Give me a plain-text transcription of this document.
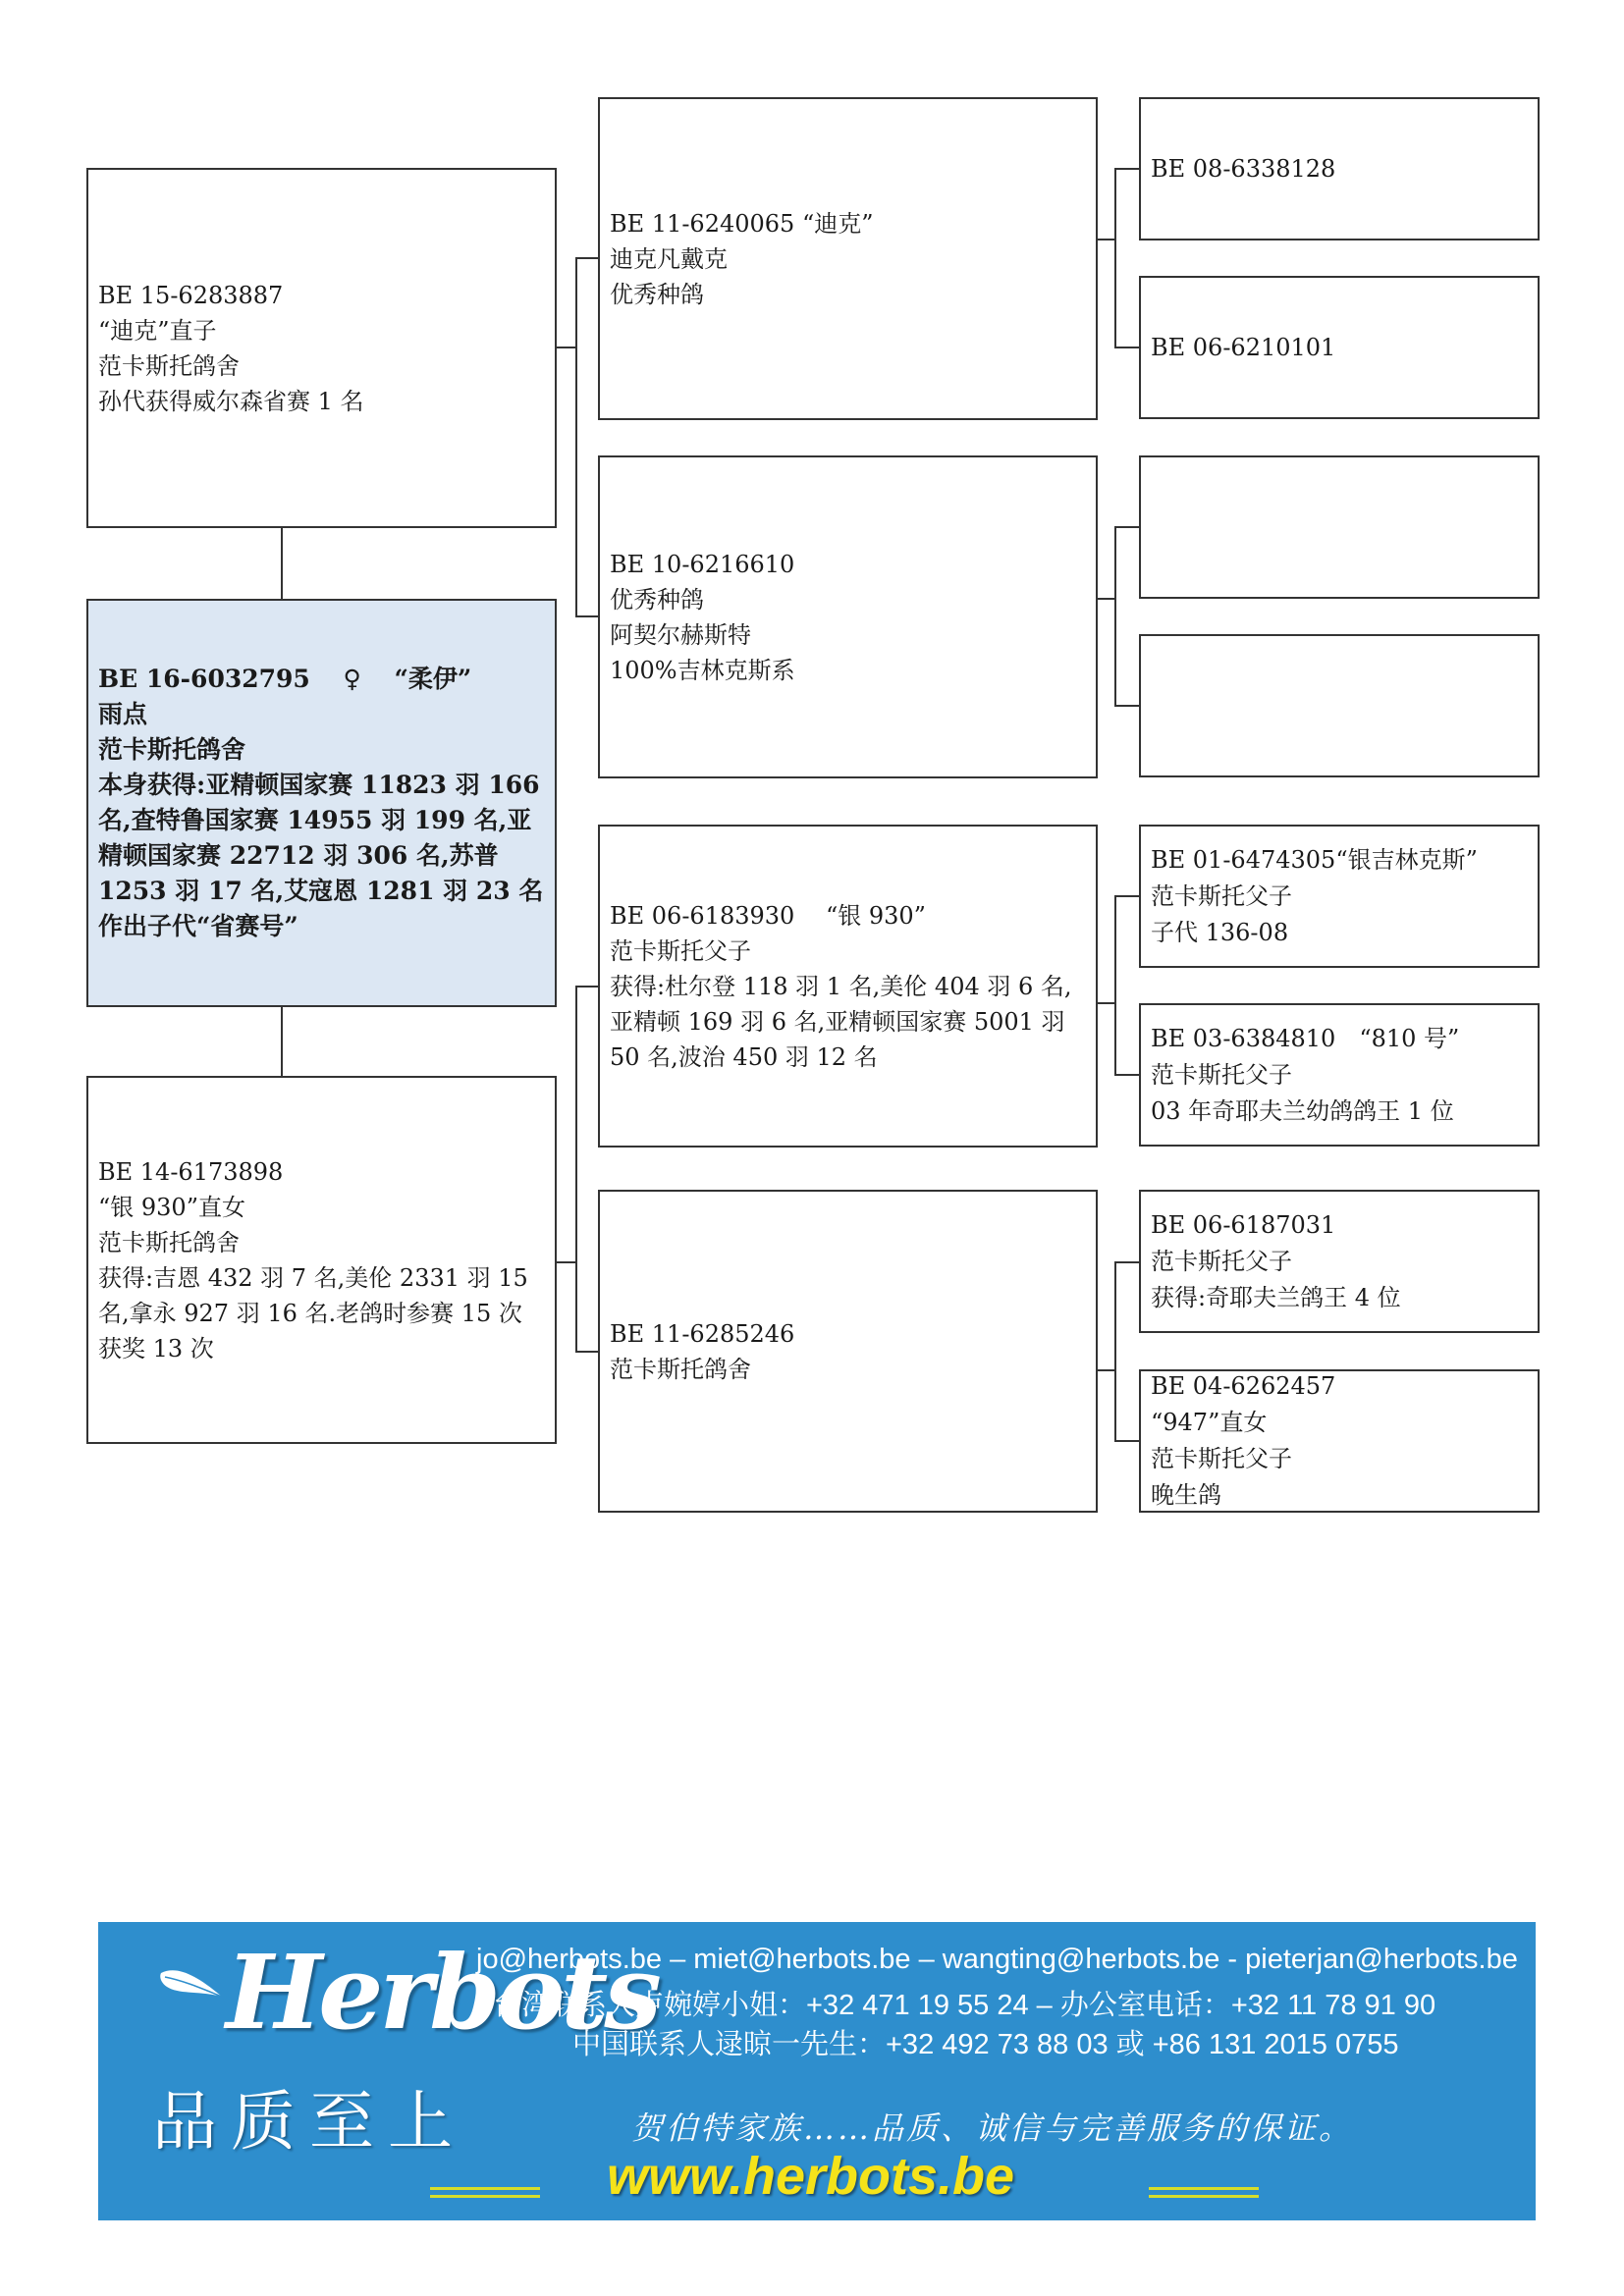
BE 15-6283887
“迪克”直子
范卡斯托鸽舍
孙代获得威尔森省赛 1 名
BE 16-6032795　 ♀ 　“柔伊”
雨点
范卡斯托鸽舍
本身获得:亚精顿国家赛 11823 羽 166 名,查特鲁国家赛 14955 羽 199 名,亚精顿国家赛 22712 羽 306 名,苏普 1253 羽 17 名,艾寇恩 1281 羽 23 名
作出子代“省赛号”
BE 14-6173898
“银 930”直女
范卡斯托鸽舍
获得:吉恩 432 羽 7 名,美伦 2331 羽 15 名,拿永 927 羽 16 名.老鸽时参赛 15 次获奖 13 次
BE 11-6240065 “迪克”
迪克凡戴克
优秀种鸽
BE 10-6216610
优秀种鸽
阿契尔赫斯特
100%吉林克斯系
BE 06-6183930　 “银 930”
范卡斯托父子
获得:杜尔登 118 羽 1 名,美伦 404 羽 6 名,亚精顿 169 羽 6 名,亚精顿国家赛 5001 羽 50 名,波治 450 羽 12 名
BE 11-6285246
范卡斯托鸽舍
BE 08-6338128
BE 06-6210101
BE 01-6474305“银吉林克斯”
范卡斯托父子
子代 136-08
BE 03-6384810　“810 号”
范卡斯托父子
03 年奇耶夫兰幼鸽鸽王 1 位
BE 06-6187031
范卡斯托父子
获得:奇耶夫兰鸽王 4 位
BE 04-6262457
“947”直女
范卡斯托父子
晚生鸽
Herbots
品质至上
jo@herbots.be – miet@herbots.be – wangting@herbots.be - pieterjan@herbots.be
台湾联系人卢婉婷小姐：+32 471 19 55 24 – 办公室电话：+32 11 78 91 90
中国联系人逯晾一先生：+32 492 73 88 03 或 +86 131 2015 0755
贺伯特家族……品质、诚信与完善服务的保证。
www.herbots.be
